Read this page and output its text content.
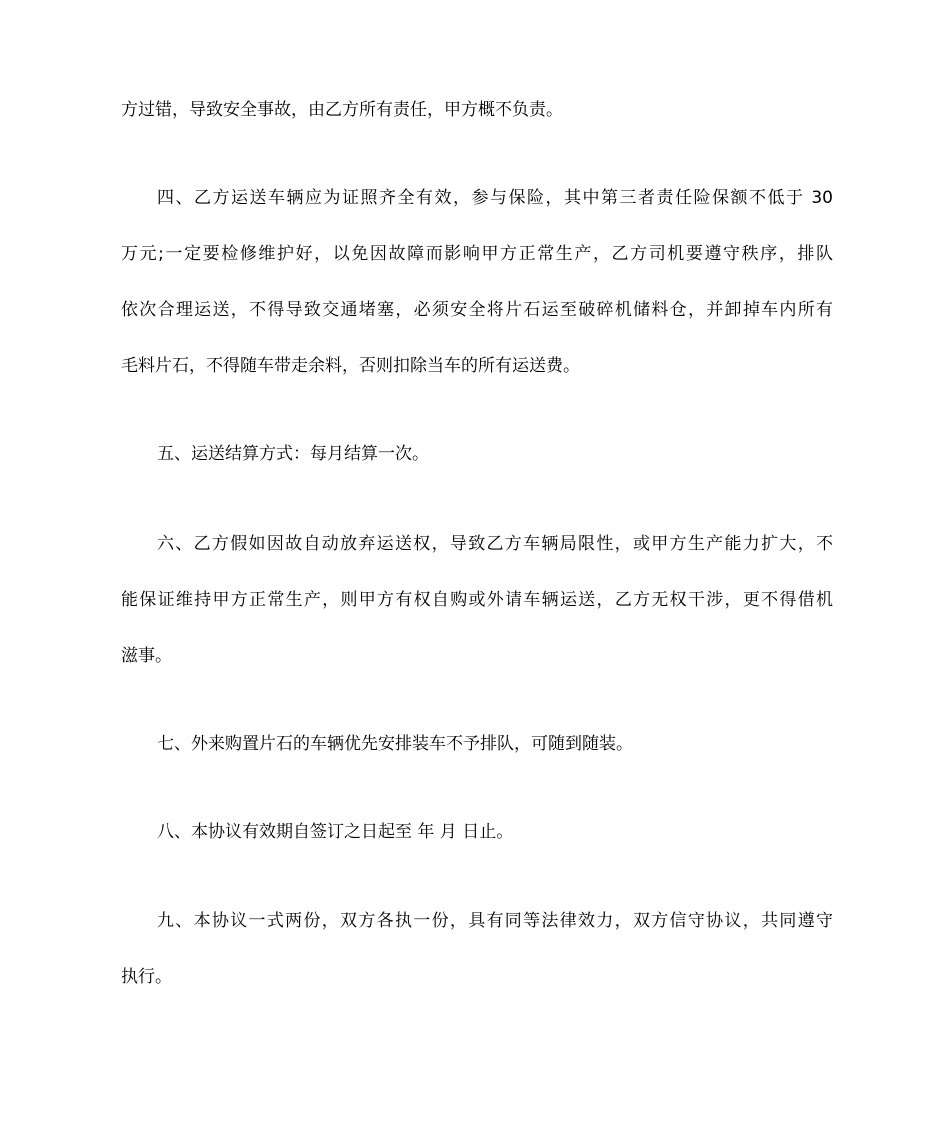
方过错，导致安全事故，由乙方所有责任，甲方概不负责。
四、乙方运送车辆应为证照齐全有效，参与保险，其中第三者责任险保额不低于 30
万元;一定要检修维护好，以免因故障而影响甲方正常生产，乙方司机要遵守秩序，排队
依次合理运送，不得导致交通堵塞，必须安全将片石运至破碎机储料仓，并卸掉车内所有
毛料片石，不得随车带走余料，否则扣除当车的所有运送费。
五、运送结算方式：每月结算一次。
六、乙方假如因故自动放弃运送权，导致乙方车辆局限性，或甲方生产能力扩大，不
能保证维持甲方正常生产，则甲方有权自购或外请车辆运送，乙方无权干涉，更不得借机
滋事。
七、外来购置片石的车辆优先安排装车不予排队，可随到随装。
八、本协议有效期自签订之日起至 年 月 日止。
九、本协议一式两份，双方各执一份，具有同等法律效力，双方信守协议，共同遵守
执行。
